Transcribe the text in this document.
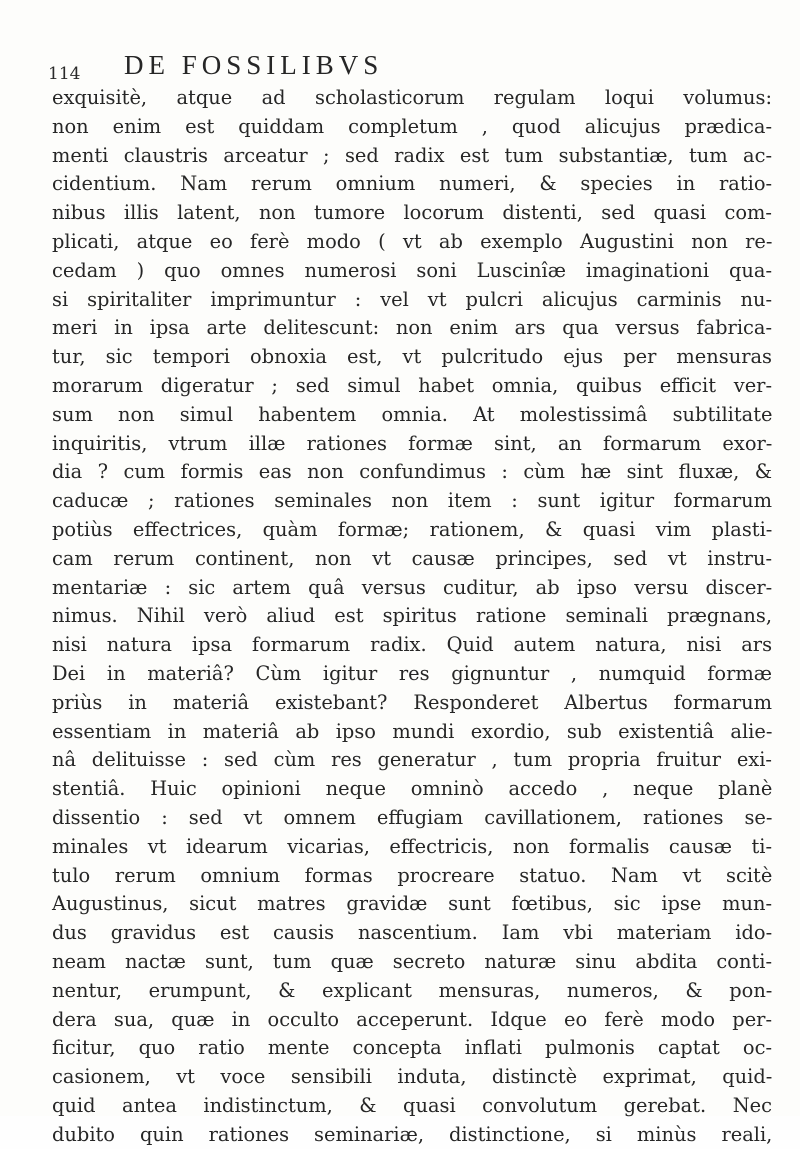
114 DE FOSSILIBVS
exquisitè, atque ad scholasticorum regulam loqui volumus:
non enim est quiddam completum , quod alicujus prædica-
menti claustris arceatur ; sed radix est tum substantiæ, tum ac-
cidentium. Nam rerum omnium numeri, & species in ratio-
nibus illis latent, non tumore locorum distenti, sed quasi com-
plicati, atque eo ferè modo ( vt ab exemplo Augustini non re-
cedam ) quo omnes numerosi soni Luscinîæ imaginationi qua-
si spiritaliter imprimuntur : vel vt pulcri alicujus carminis nu-
meri in ipsa arte delitescunt: non enim ars qua versus fabrica-
tur, sic tempori obnoxia est, vt pulcritudo ejus per mensuras
morarum digeratur ; sed simul habet omnia, quibus efficit ver-
sum non simul habentem omnia. At molestissimâ subtilitate
inquiritis, vtrum illæ rationes formæ sint, an formarum exor-
dia ? cum formis eas non confundimus : cùm hæ sint fluxæ, &
caducæ ; rationes seminales non item : sunt igitur formarum
potiùs effectrices, quàm formæ; rationem, & quasi vim plasti-
cam rerum continent, non vt causæ principes, sed vt instru-
mentariæ : sic artem quâ versus cuditur, ab ipso versu discer-
nimus. Nihil verò aliud est spiritus ratione seminali prægnans,
nisi natura ipsa formarum radix. Quid autem natura, nisi ars
Dei in materiâ? Cùm igitur res gignuntur , numquid formæ
priùs in materiâ existebant? Responderet Albertus formarum
essentiam in materiâ ab ipso mundi exordio, sub existentiâ alie-
nâ delituisse : sed cùm res generatur , tum propria fruitur exi-
stentiâ. Huic opinioni neque omninò accedo , neque planè
dissentio : sed vt omnem effugiam cavillationem, rationes se-
minales vt idearum vicarias, effectricis, non formalis causæ ti-
tulo rerum omnium formas procreare statuo. Nam vt scitè
Augustinus, sicut matres gravidæ sunt fœtibus, sic ipse mun-
dus gravidus est causis nascentium. Iam vbi materiam ido-
neam nactæ sunt, tum quæ secreto naturæ sinu abdita conti-
nentur, erumpunt, & explicant mensuras, numeros, & pon-
dera sua, quæ in occulto acceperunt. Idque eo ferè modo per-
ficitur, quo ratio mente concepta inflati pulmonis captat oc-
casionem, vt voce sensibili induta, distinctè exprimat, quid-
quid antea indistinctum, & quasi convolutum gerebat. Nec
dubito quin rationes seminariæ, distinctione, si minùs reali,
